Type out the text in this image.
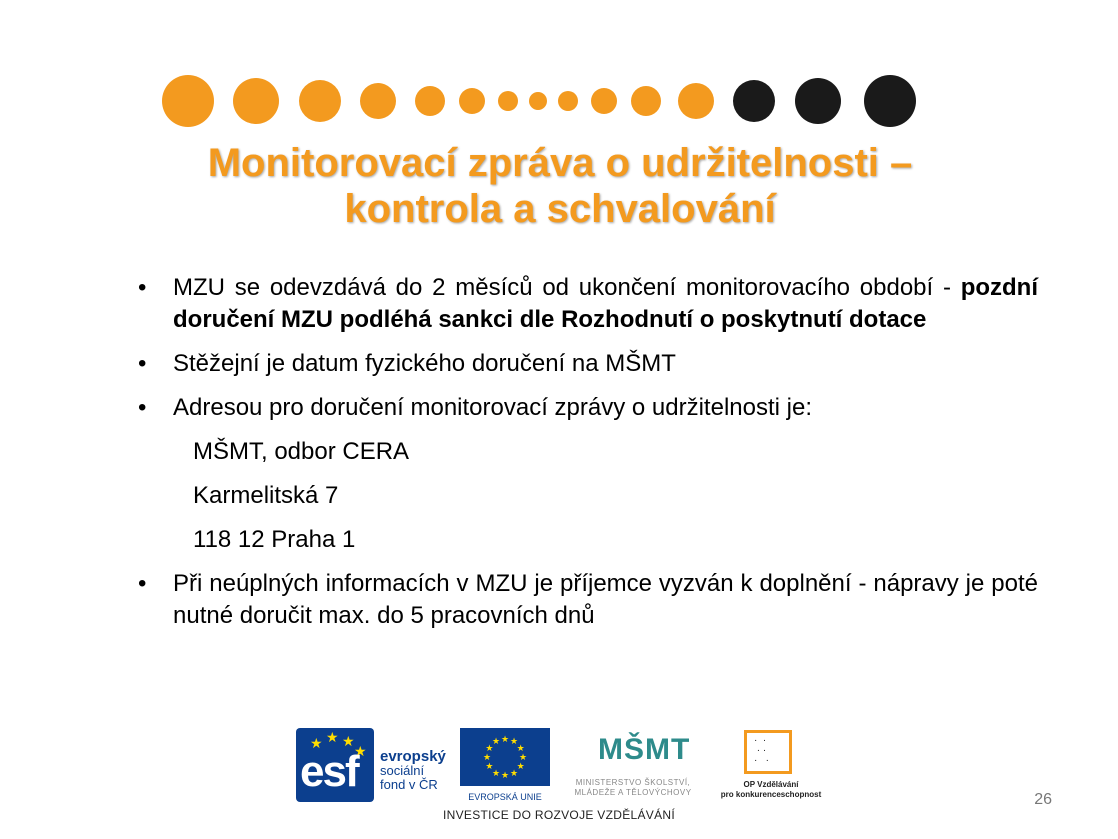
Monitorovací zpráva o udržitelnosti –
kontrola a schvalování
• MZU se odevzdává do 2 měsíců od ukončení monitorovacího období - pozdní doručení MZU podléhá sankci dle Rozhodnutí o poskytnutí dotace
• Stěžejní je datum fyzického doručení na MŠMT
• Adresou pro doručení monitorovací zprávy o udržitelnosti je:
MŠMT, odbor CERA
Karmelitská 7
118 12 Praha 1
• Při neúplných informacích v MZU je příjemce vyzván k doplnění - nápravy je poté nutné doručit max. do 5 pracovních dnů
★ ★ ★
★
esf evropský
sociální
fond v ČR
★
★
★
★
★
★
★
★
★ ★ ★
★
EVROPSKÁ UNIE
MŠMT
MINISTERSTVO ŠKOLSTVÍ,
MLÁDEŽE A TĚLOVÝCHOVY
·  ·
· ·
·   ·
OP Vzdělávání
pro konkurenceschopnost
INVESTICE DO ROZVOJE VZDĚLÁVÁNÍ
26
